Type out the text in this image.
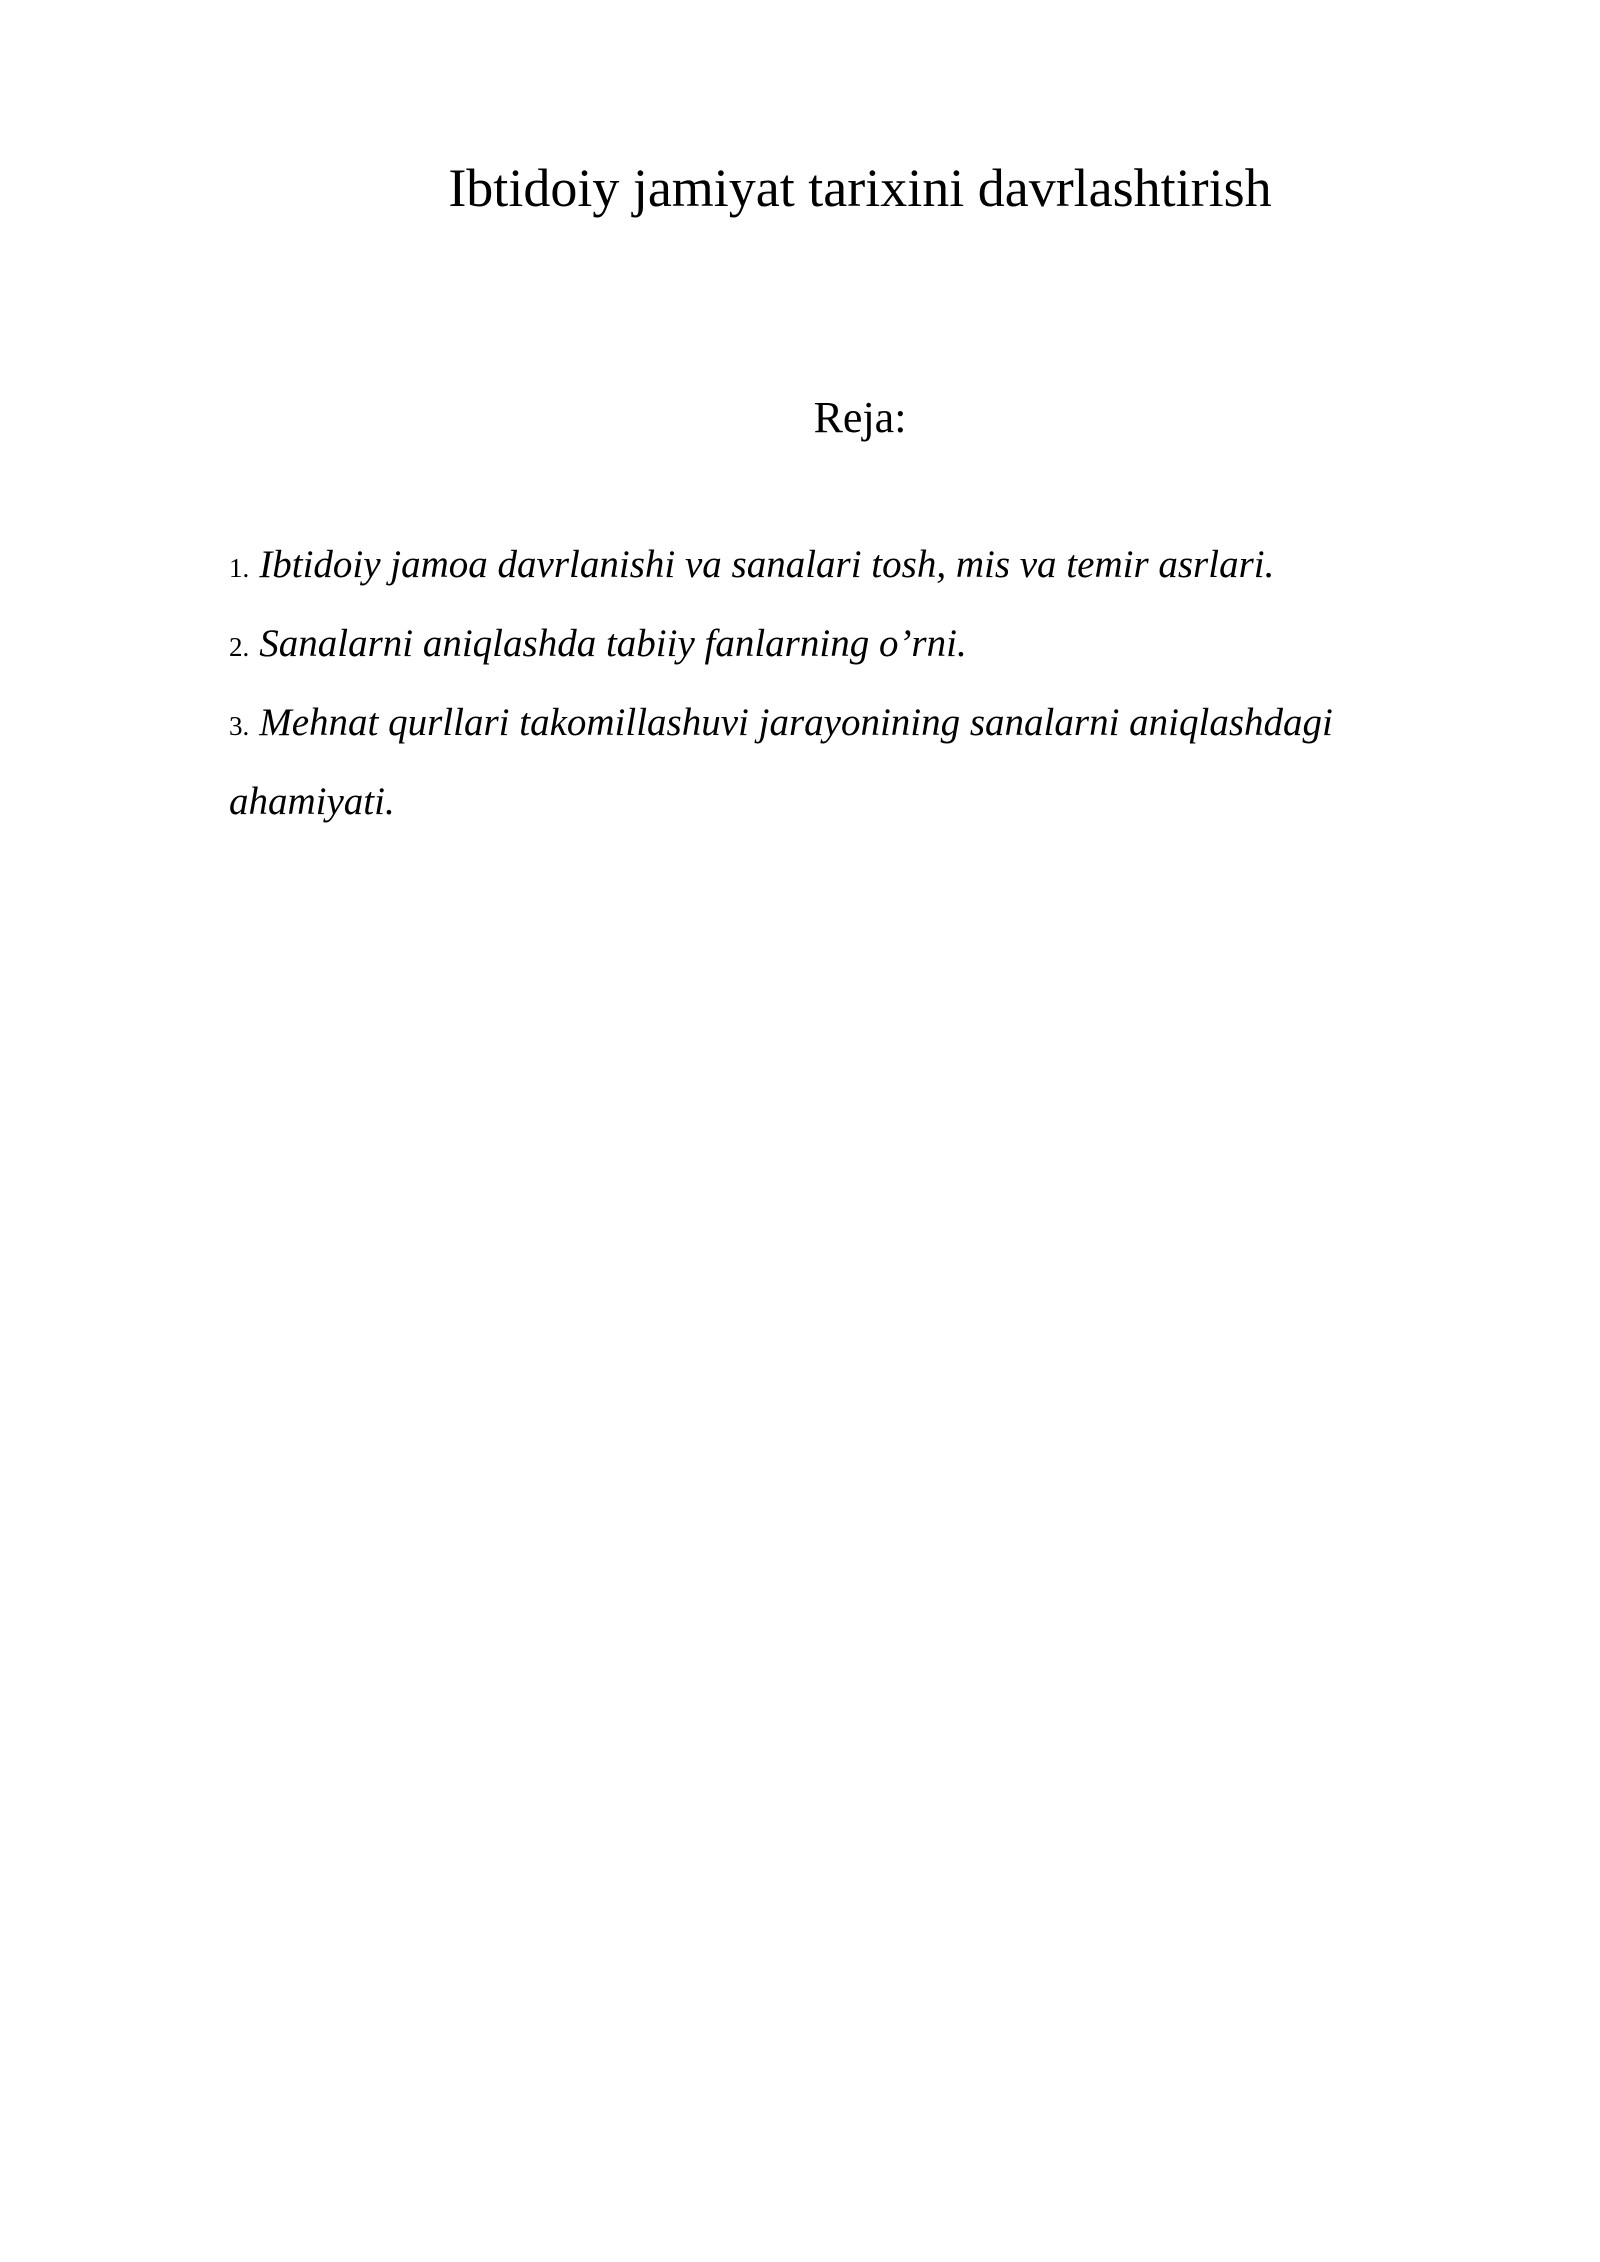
Ibtidoiy jamiyat tarixini davrlashtirish

Reja:

1. Ibtidoiy jamoa davrlanishi va sanalari tosh, mis va temir asrlari.
2. Sanalarni aniqlashda tabiiy fanlarning o’rni.
3. Mehnat qurllari takomillashuvi jarayonining sanalarni aniqlashdagi ahamiyati.
